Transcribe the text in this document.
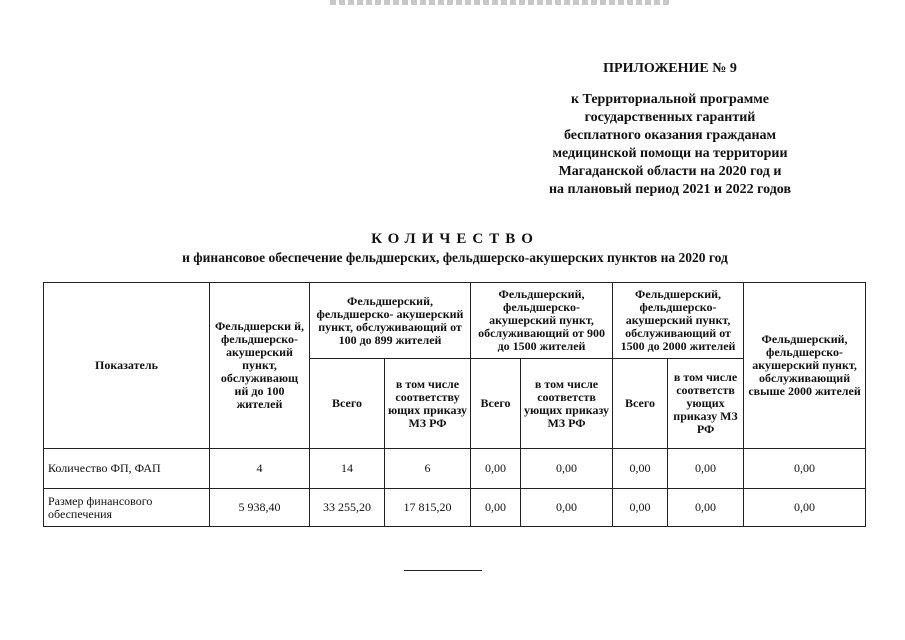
ПРИЛОЖЕНИЕ № 9
к Территориальной программе
государственных гарантий
бесплатного оказания гражданам
медицинской помощи на территории
Магаданской области на 2020 год и
на плановый период 2021 и 2022 годов
КОЛИЧЕСТВО
и финансовое обеспечение фельдшерских, фельдшерско-акушерских пунктов на 2020 год
Показатель	Фельдшерски й, фельдшерско- акушерский пункт, обслуживающ ий до 100 жителей	Фельдшерский, фельдшерско- акушерский пункт, обслуживающий от 100 до 899 жителей		Фельдшерский, фельдшерско- акушерский пункт, обслуживающий от 900 до 1500 жителей		Фельдшерский, фельдшерско- акушерский пункт, обслуживающий от 1500 до 2000 жителей		Фельдшерский, фельдшерско- акушерский пункт, обслуживающий свыше 2000 жителей
		Всего	в том числе соответству ющих приказу МЗ РФ	Всего	в том числе соответств ующих приказу МЗ РФ	Всего	в том числе соответств ующих приказу МЗ РФ	
Количество ФП, ФАП	4	14	6	0,00	0,00	0,00	0,00	0,00
Размер финансового обеспечения	5 938,40	33 255,20	17 815,20	0,00	0,00	0,00	0,00	0,00
